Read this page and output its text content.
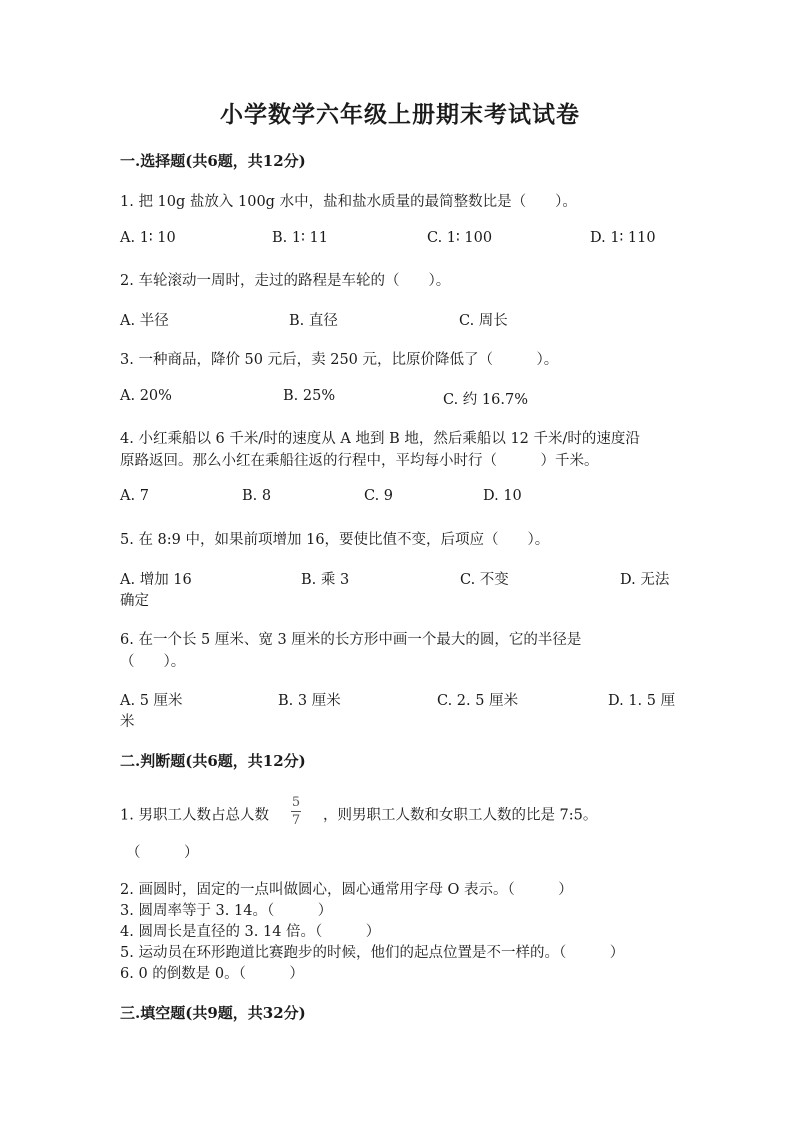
小学数学六年级上册期末考试试卷
一.选择题(共6题，共12分)
1. 把 10g 盐放入 100g 水中，盐和盐水质量的最简整数比是（　　）。
A. 1∶ 10	B. 1∶ 11	C. 1∶ 100	D. 1∶ 110
2. 车轮滚动一周时，走过的路程是车轮的（　　）。
A. 半径	B. 直径	C. 周长
3. 一种商品，降价 50 元后，卖 250 元，比原价降低了（　　　）。
A. 20%	B. 25%	C. 约 16.7%
4. 小红乘船以 6 千米/时的速度从 A 地到 B 地，然后乘船以 12 千米/时的速度沿
原路返回。那么小红在乘船往返的行程中，平均每小时行（　　　）千米。
A. 7	B. 8	C. 9	D. 10
5. 在 8:9 中，如果前项增加 16，要使比值不变，后项应（　　）。
A. 增加 16	B. 乘 3	C. 不变	D. 无法
确定
6. 在一个长 5 厘米、宽 3 厘米的长方形中画一个最大的圆，它的半径是
（　　）。
A. 5 厘米	B. 3 厘米	C. 2. 5 厘米	D. 1. 5 厘
米
二.判断题(共6题，共12分)
1. 男职工人数占总人数 $\frac{5}{7}$ ，则男职工人数和女职工人数的比是 7:5。
（　　　）
2. 画圆时，固定的一点叫做圆心，圆心通常用字母 O 表示。（　　　）
3. 圆周率等于 3. 14。（　　　）
4. 圆周长是直径的 3. 14 倍。（　　　）
5. 运动员在环形跑道比赛跑步的时候，他们的起点位置是不一样的。（　　　）
6. 0 的倒数是 0。（　　　）
三.填空题(共9题，共32分)
